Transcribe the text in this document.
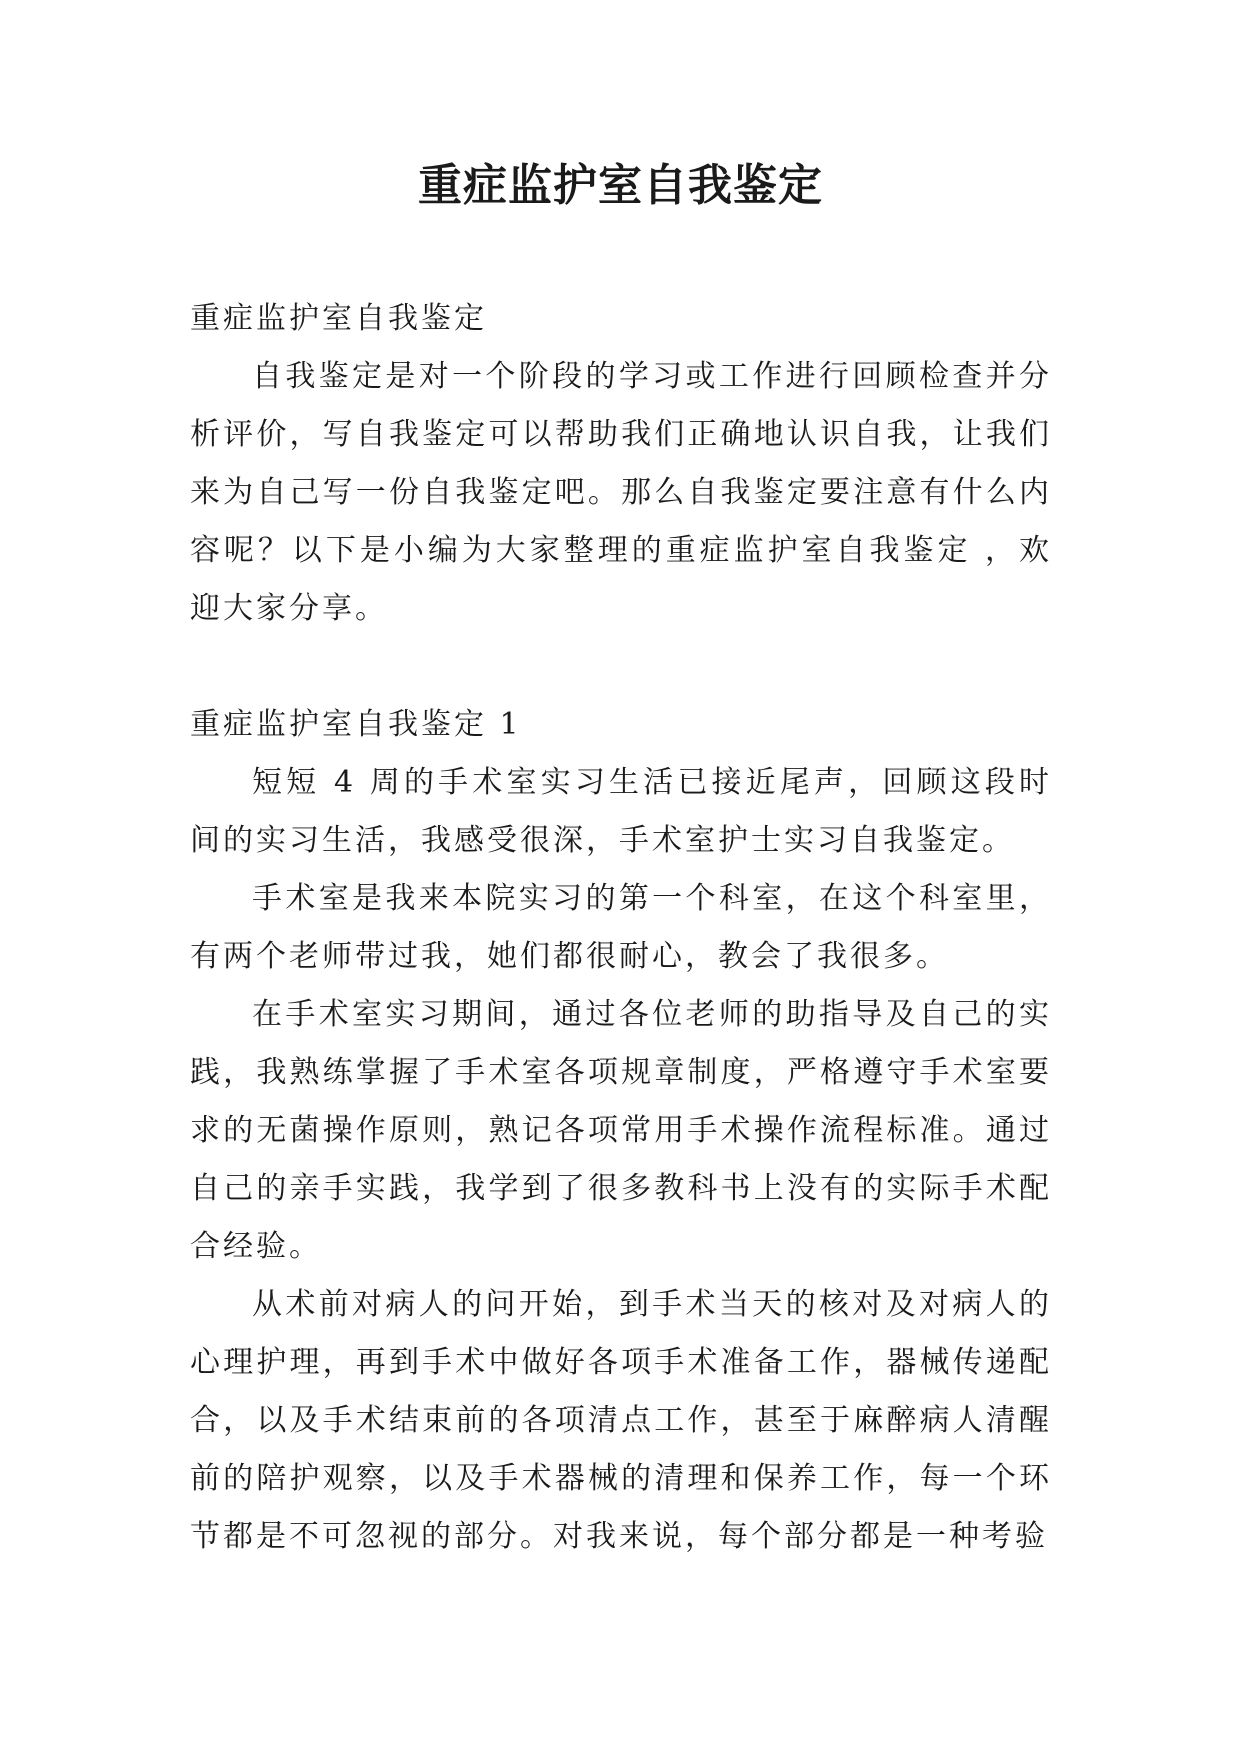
重症监护室自我鉴定

重症监护室自我鉴定

自我鉴定是对一个阶段的学习或工作进行回顾检查并分析评价，写自我鉴定可以帮助我们正确地认识自我，让我们来为自己写一份自我鉴定吧。那么自我鉴定要注意有什么内容呢？以下是小编为大家整理的重症监护室自我鉴定 ，欢迎大家分享。

重症监护室自我鉴定 1

短短 4 周的手术室实习生活已接近尾声，回顾这段时间的实习生活，我感受很深，手术室护士实习自我鉴定。

手术室是我来本院实习的第一个科室，在这个科室里，有两个老师带过我，她们都很耐心，教会了我很多。

在手术室实习期间，通过各位老师的助指导及自己的实践，我熟练掌握了手术室各项规章制度，严格遵守手术室要求的无菌操作原则，熟记各项常用手术操作流程标准。通过自己的亲手实践，我学到了很多教科书上没有的实际手术配合经验。

从术前对病人的问开始，到手术当天的核对及对病人的心理护理，再到手术中做好各项手术准备工作，器械传递配合，以及手术结束前的各项清点工作，甚至于麻醉病人清醒前的陪护观察，以及手术器械的清理和保养工作，每一个环节都是不可忽视的部分。对我来说，每个部分都是一种考验
